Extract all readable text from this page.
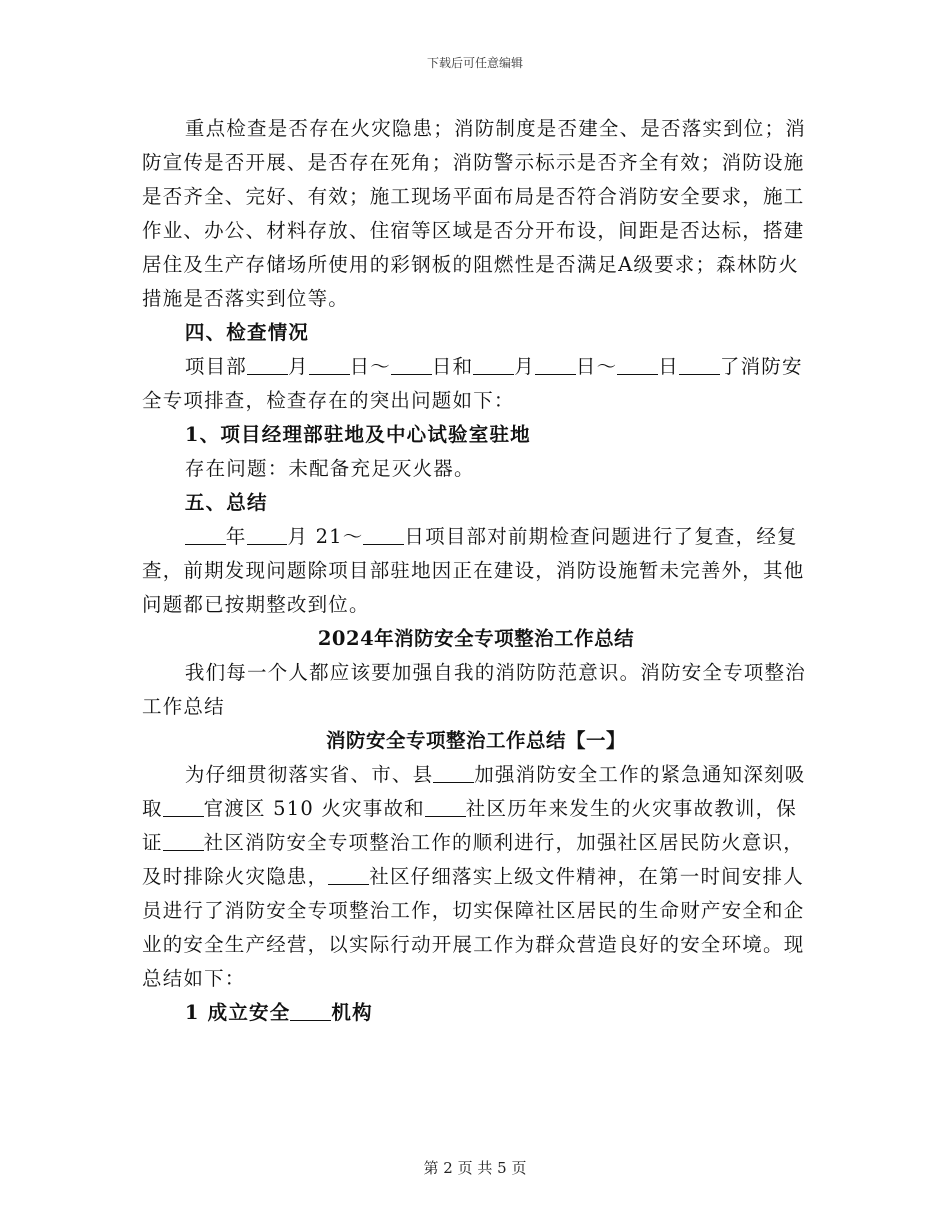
下载后可任意编辑

重点检查是否存在火灾隐患；消防制度是否建全、是否落实到位；消防宣传是否开展、是否存在死角；消防警示标示是否齐全有效；消防设施是否齐全、完好、有效；施工现场平面布局是否符合消防安全要求，施工作业、办公、材料存放、住宿等区域是否分开布设，间距是否达标，搭建居住及生产存储场所使用的彩钢板的阻燃性是否满足A级要求；森林防火措施是否落实到位等。

四、检查情况

项目部 月 日～ 日和 月 日～ 日 了消防安全专项排查，检查存在的突出问题如下：

1、项目经理部驻地及中心试验室驻地

存在问题：未配备充足灭火器。

五、总结

年 月 21～ 日项目部对前期检查问题进行了复查，经复查，前期发现问题除项目部驻地因正在建设，消防设施暂未完善外，其他问题都已按期整改到位。

2024年消防安全专项整治工作总结

我们每一个人都应该要加强自我的消防防范意识。消防安全专项整治工作总结

消防安全专项整治工作总结【一】

为仔细贯彻落实省、市、县 加强消防安全工作的紧急通知深刻吸取 官渡区 510 火灾事故和 社区历年来发生的火灾事故教训，保证 社区消防安全专项整治工作的顺利进行，加强社区居民防火意识，及时排除火灾隐患， 社区仔细落实上级文件精神，在第一时间安排人员进行了消防安全专项整治工作，切实保障社区居民的生命财产安全和企业的安全生产经营，以实际行动开展工作为群众营造良好的安全环境。现总结如下：

1 成立安全 机构

第 2 页 共 5 页
